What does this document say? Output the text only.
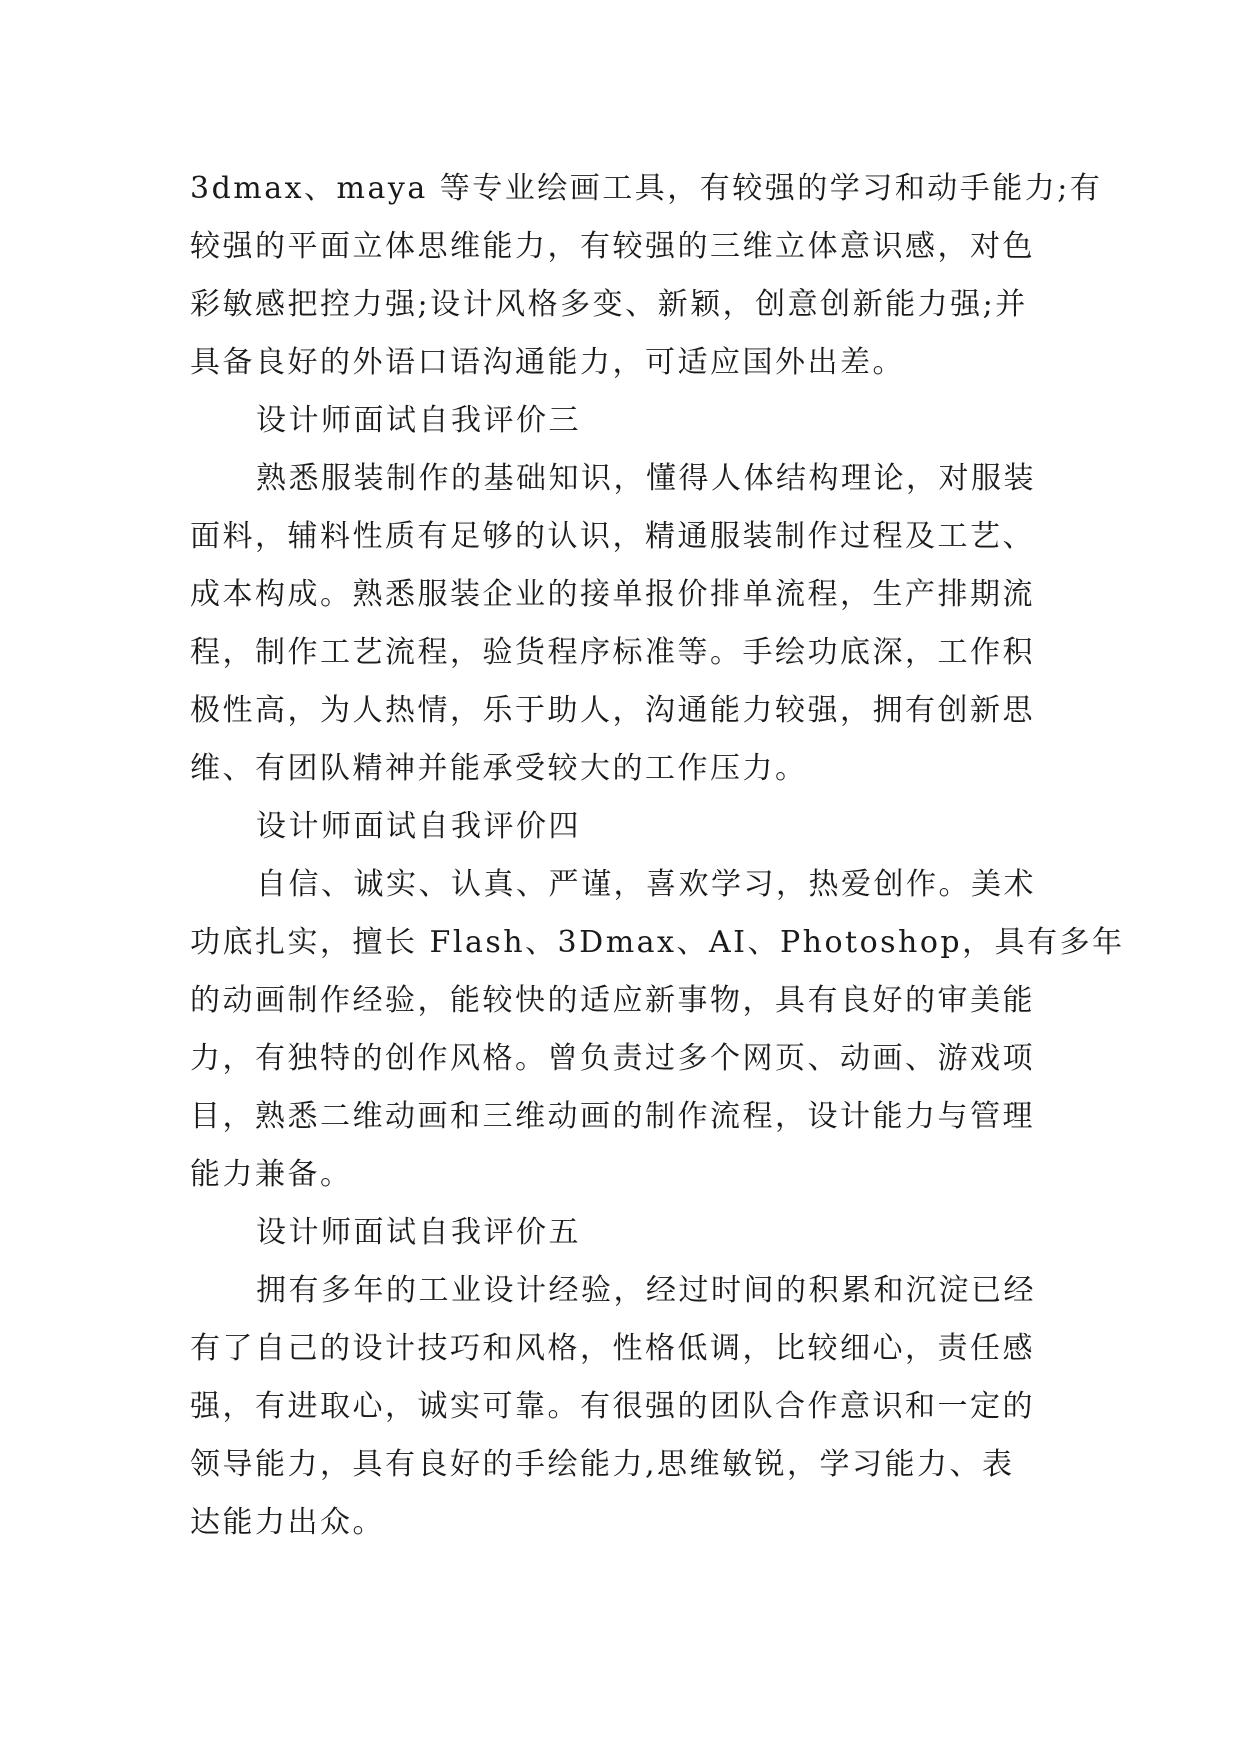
3dmax、maya 等专业绘画工具，有较强的学习和动手能力;有
较强的平面立体思维能力，有较强的三维立体意识感，对色
彩敏感把控力强;设计风格多变、新颖，创意创新能力强;并
具备良好的外语口语沟通能力，可适应国外出差。
设计师面试自我评价三
熟悉服装制作的基础知识，懂得人体结构理论，对服装
面料，辅料性质有足够的认识，精通服装制作过程及工艺、
成本构成。熟悉服装企业的接单报价排单流程，生产排期流
程，制作工艺流程，验货程序标准等。手绘功底深，工作积
极性高，为人热情，乐于助人，沟通能力较强，拥有创新思
维、有团队精神并能承受较大的工作压力。
设计师面试自我评价四
自信、诚实、认真、严谨，喜欢学习，热爱创作。美术
功底扎实，擅长 Flash、3Dmax、AI、Photoshop，具有多年
的动画制作经验，能较快的适应新事物，具有良好的审美能
力，有独特的创作风格。曾负责过多个网页、动画、游戏项
目，熟悉二维动画和三维动画的制作流程，设计能力与管理
能力兼备。
设计师面试自我评价五
拥有多年的工业设计经验，经过时间的积累和沉淀已经
有了自己的设计技巧和风格，性格低调，比较细心，责任感
强，有进取心，诚实可靠。有很强的团队合作意识和一定的
领导能力，具有良好的手绘能力,思维敏锐，学习能力、表
达能力出众。
